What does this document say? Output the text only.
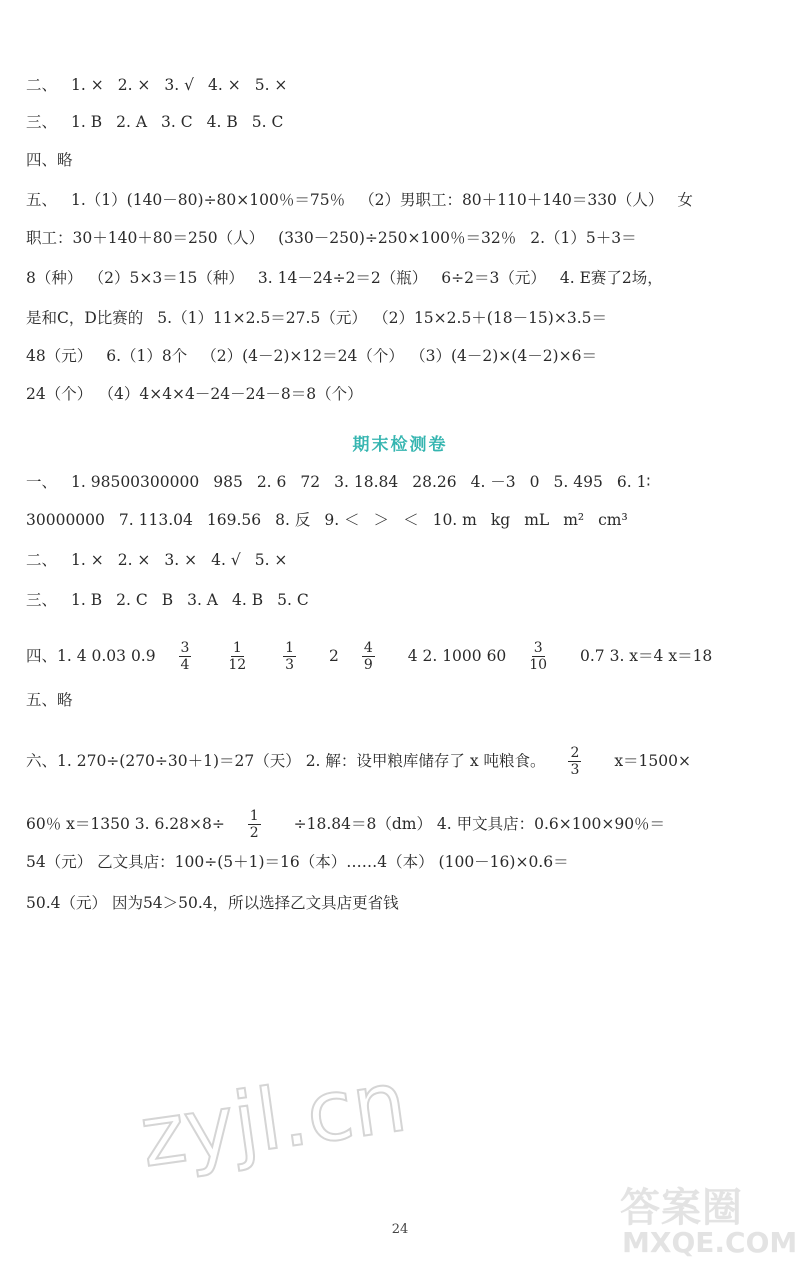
二、 1. × 2. × 3. √ 4. × 5. ×
三、 1. B 2. A 3. C 4. B 5. C
四、略
五、 1.（1）(140－80)÷80×100％＝75％ （2）男职工：80＋110＋140＝330（人） 女
职工：30＋140＋80＝250（人） (330－250)÷250×100％＝32％ 2.（1）5＋3＝
8（种） （2）5×3＝15（种） 3. 14－24÷2＝2（瓶） 6÷2＝3（元） 4. E赛了2场，
是和C，D比赛的 5.（1）11×2.5＝27.5（元） （2）15×2.5＋(18－15)×3.5＝
48（元） 6.（1）8个 （2）(4－2)×12＝24（个） （3）(4－2)×(4－2)×6＝
24（个） （4）4×4×4－24－24－8＝8（个）
期末检测卷
一、 1. 98500300000 985 2. 6 72 3. 18.84 28.26 4. －3 0 5. 495 6. 1∶
30000000 7. 113.04 169.56 8. 反 9. ＜ ＞ ＜ 10. m kg mL m² cm³
二、 1. × 2. × 3. × 4. √ 5. ×
三、 1. B 2. C B 3. A 4. B 5. C
四、1. 4 0.03 $0.9 \frac{3}{4}$
$\frac{1}{12}$
$\frac{1}{3} 2 \frac{4}{9} 4$ 2. 1000 $60 \frac{3}{10} 0.7$ 3. x＝4 x＝18
五、略
六、1. 270÷(270÷30＋1)＝27（天） 2. 解：设甲粮库储存了 x 吨粮食。 $\frac{2}{3} x=1500\times$
60％ x＝1350 3. $6.28\times 8\div \frac{1}{2} \div 18.84=8(dm)$ 4. 甲文具店：0.6×100×90％＝
54（元） 乙文具店：100÷(5＋1)＝16（本）……4（本） (100－16)×0.6＝
50.4（元） 因为54＞50.4，所以选择乙文具店更省钱
zyjl.cn
答案圈
MXQE.COM
24
